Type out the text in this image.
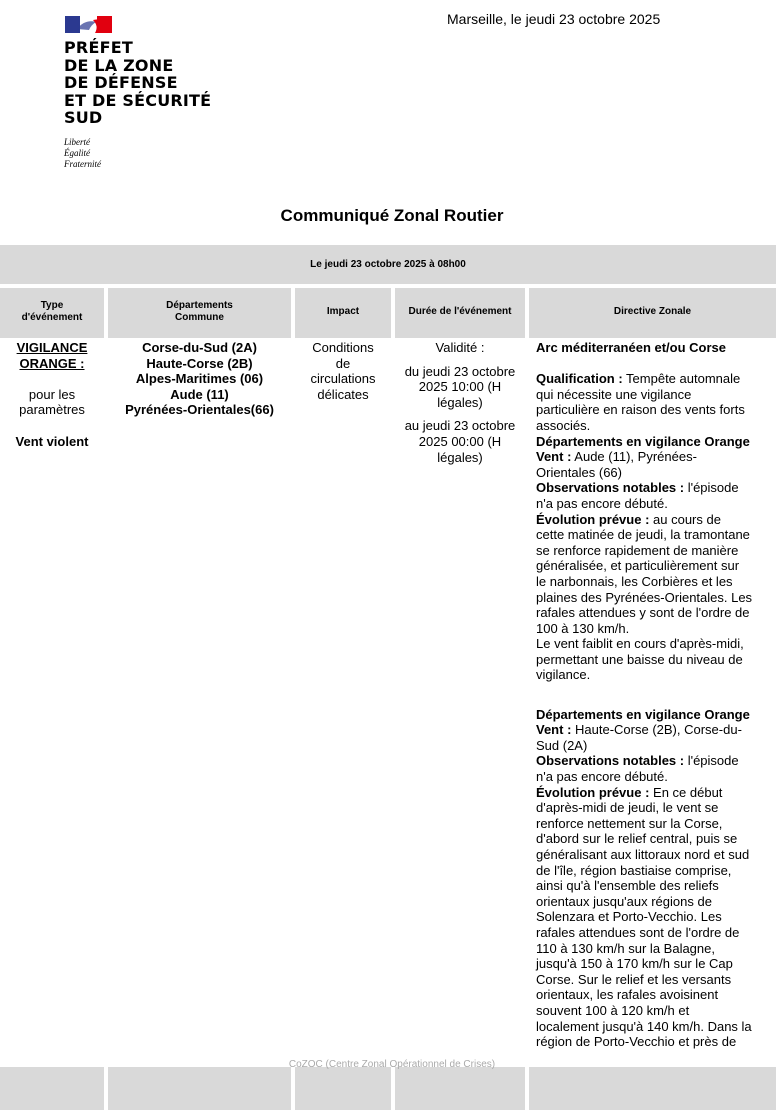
PRÉFET
DE LA ZONE
DE DÉFENSE
ET DE SÉCURITÉ
SUD
Liberté
Égalité
Fraternité
Marseille, le jeudi 23 octobre 2025
Communiqué Zonal Routier
Le jeudi 23 octobre 2025 à 08h00
Type
d'événement
Départements
Commune
Impact	Durée de l'événement	Directive Zonale
VIGILANCE
ORANGE :
pour les
paramètres
Vent violent
Corse-du-Sud (2A)
Haute-Corse (2B)
Alpes-Maritimes (06)
Aude (11)
Pyrénées-Orientales(66)
Conditions
de
circulations
délicates
Validité :
du jeudi 23 octobre
2025 10:00 (H
légales)
au jeudi 23 octobre
2025 00:00 (H
légales)
Arc méditerranéen et/ou Corse
Qualification : Tempête automnale
qui nécessite une vigilance
particulière en raison des vents forts
associés.
Départements en vigilance Orange
Vent : Aude (11), Pyrénées-
Orientales (66)
Observations notables : l'épisode
n'a pas encore débuté.
Évolution prévue : au cours de
cette matinée de jeudi, la tramontane
se renforce rapidement de manière
généralisée, et particulièrement sur
le narbonnais, les Corbières et les
plaines des Pyrénées-Orientales. Les
rafales attendues y sont de l'ordre de
100 à 130 km/h.
Le vent faiblit en cours d'après-midi,
permettant une baisse du niveau de
vigilance.
Départements en vigilance Orange
Vent : Haute-Corse (2B), Corse-du-
Sud (2A)
Observations notables : l'épisode
n'a pas encore débuté.
Évolution prévue : En ce début
d'après-midi de jeudi, le vent se
renforce nettement sur la Corse,
d'abord sur le relief central, puis se
généralisant aux littoraux nord et sud
de l'île, région bastiaise comprise,
ainsi qu'à l'ensemble des reliefs
orientaux jusqu'aux régions de
Solenzara et Porto-Vecchio. Les
rafales attendues sont de l'ordre de
110 à 130 km/h sur la Balagne,
jusqu'à 150 à 170 km/h sur le Cap
Corse. Sur le relief et les versants
orientaux, les rafales avoisinent
souvent 100 à 120 km/h et
localement jusqu'à 140 km/h. Dans la
région de Porto-Vecchio et près de
CoZOC (Centre Zonal Opérationnel de Crises)
